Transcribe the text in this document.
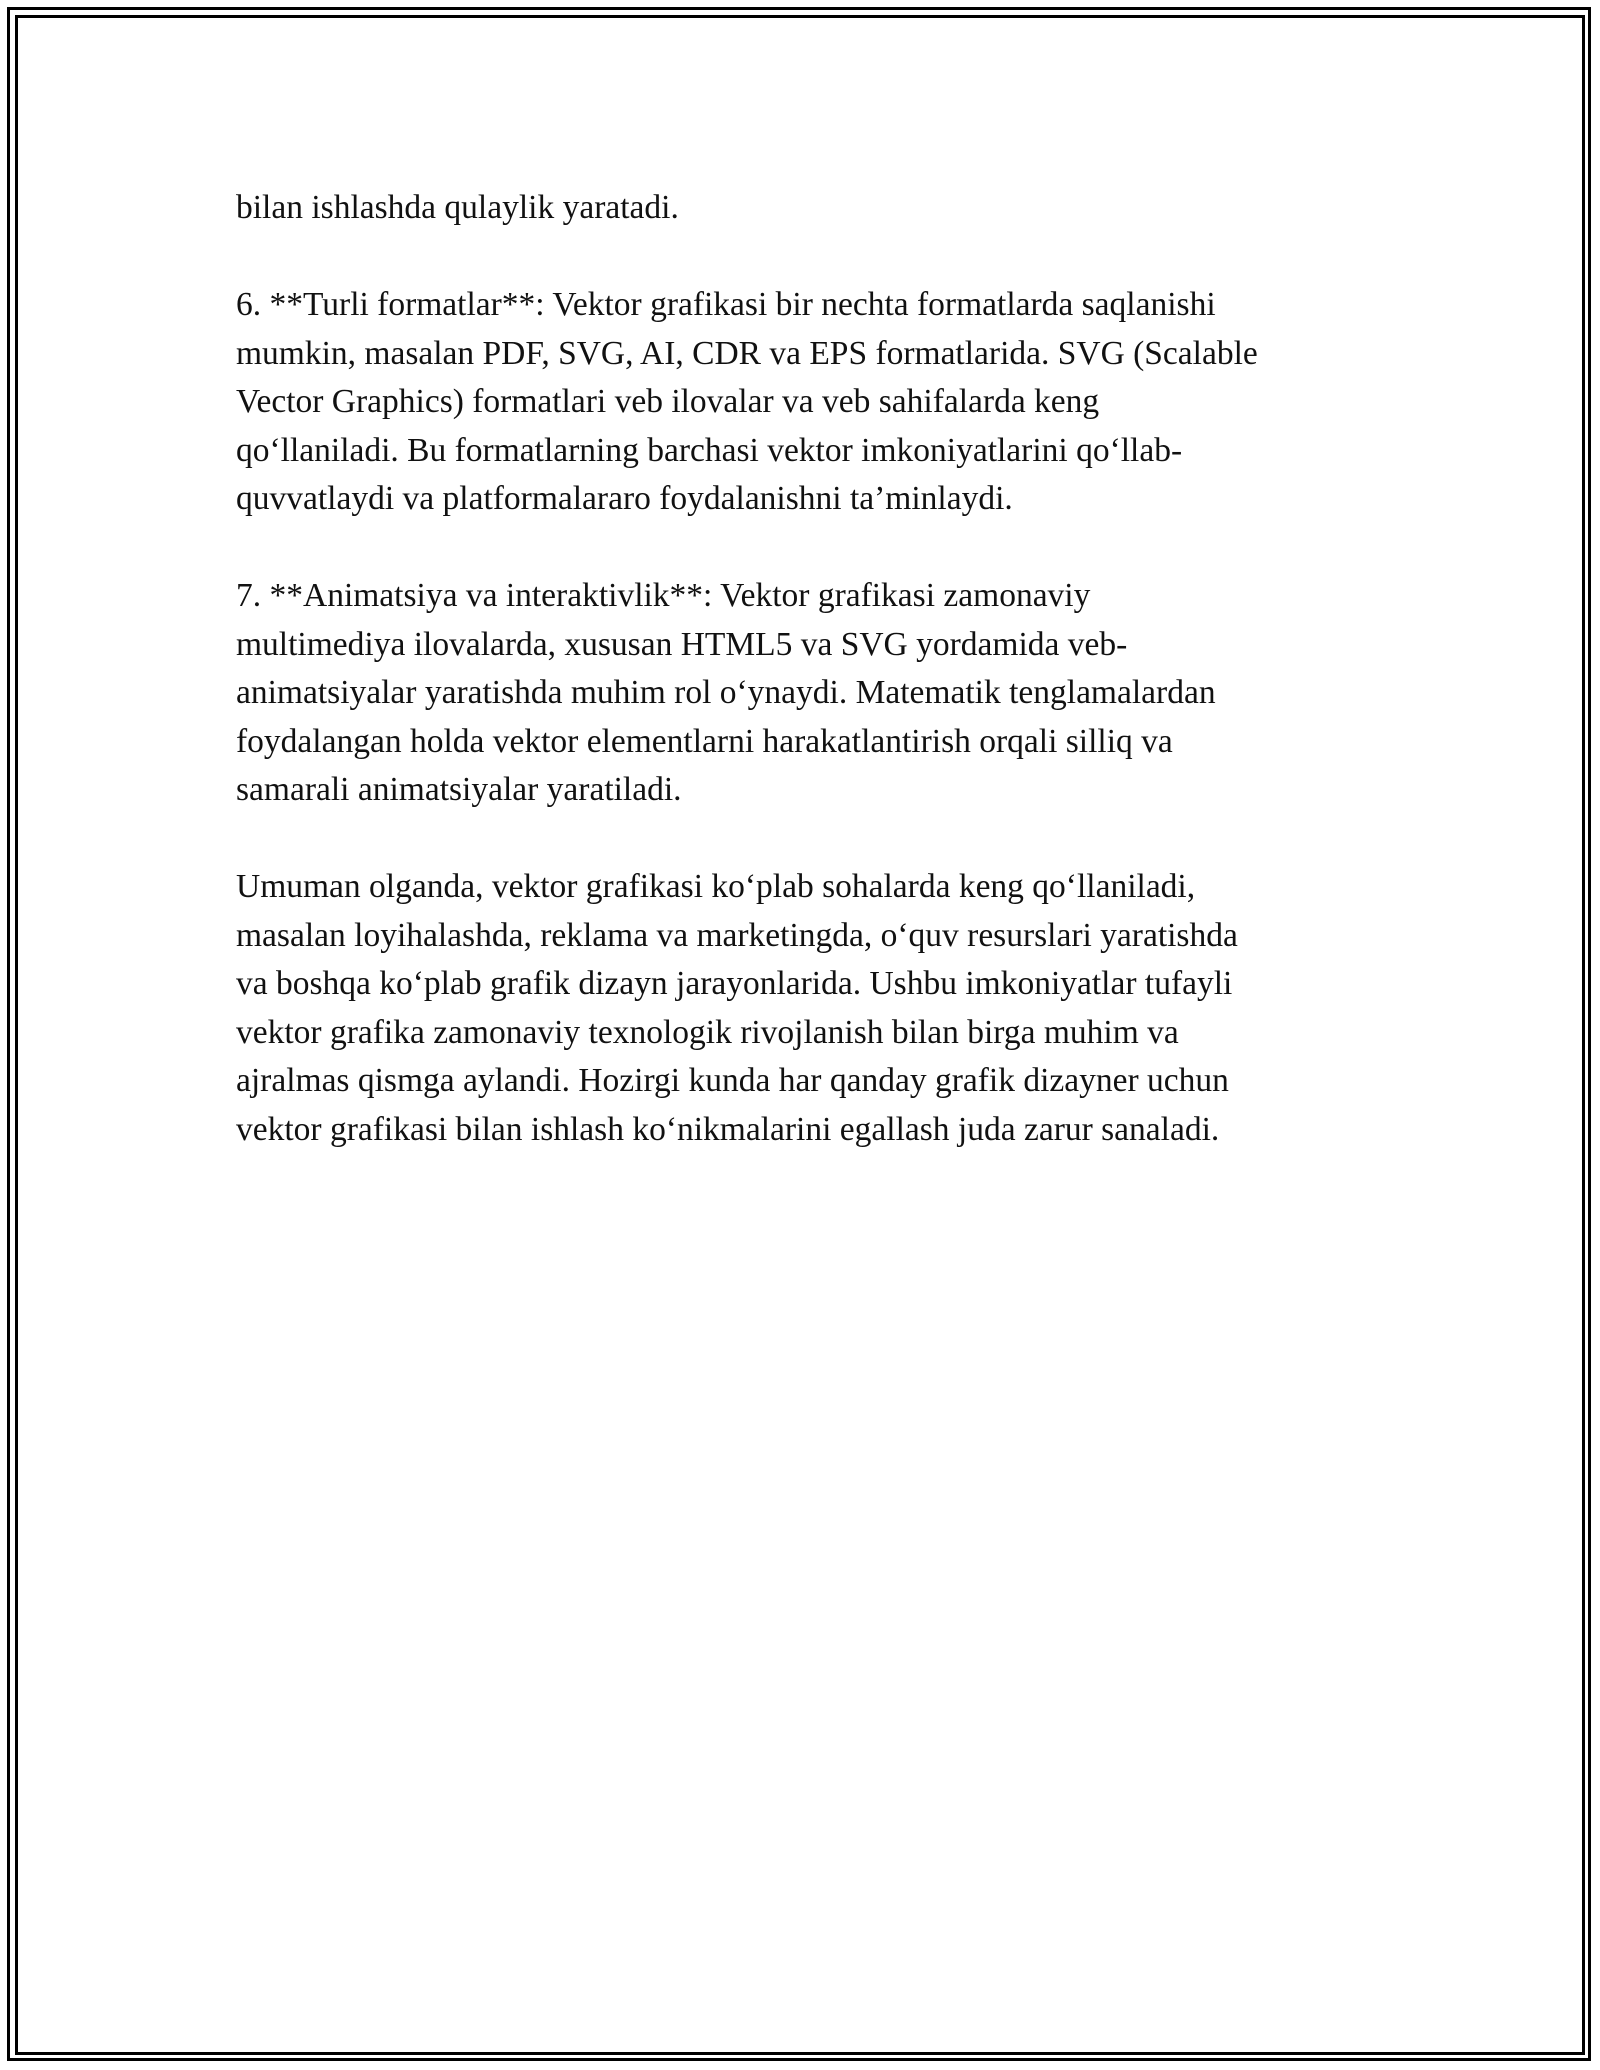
bilan ishlashda qulaylik yaratadi.

6. **Turli formatlar**: Vektor grafikasi bir nechta formatlarda saqlanishi
mumkin, masalan PDF, SVG, AI, CDR va EPS formatlarida. SVG (Scalable
Vector Graphics) formatlari veb ilovalar va veb sahifalarda keng
qo‘llaniladi. Bu formatlarning barchasi vektor imkoniyatlarini qo‘llab-
quvvatlaydi va platformalararo foydalanishni ta’minlaydi.

7. **Animatsiya va interaktivlik**: Vektor grafikasi zamonaviy
multimediya ilovalarda, xususan HTML5 va SVG yordamida veb-
animatsiyalar yaratishda muhim rol o‘ynaydi. Matematik tenglamalardan
foydalangan holda vektor elementlarni harakatlantirish orqali silliq va
samarali animatsiyalar yaratiladi.

Umuman olganda, vektor grafikasi ko‘plab sohalarda keng qo‘llaniladi,
masalan loyihalashda, reklama va marketingda, o‘quv resurslari yaratishda
va boshqa ko‘plab grafik dizayn jarayonlarida. Ushbu imkoniyatlar tufayli
vektor grafika zamonaviy texnologik rivojlanish bilan birga muhim va
ajralmas qismga aylandi. Hozirgi kunda har qanday grafik dizayner uchun
vektor grafikasi bilan ishlash ko‘nikmalarini egallash juda zarur sanaladi.
